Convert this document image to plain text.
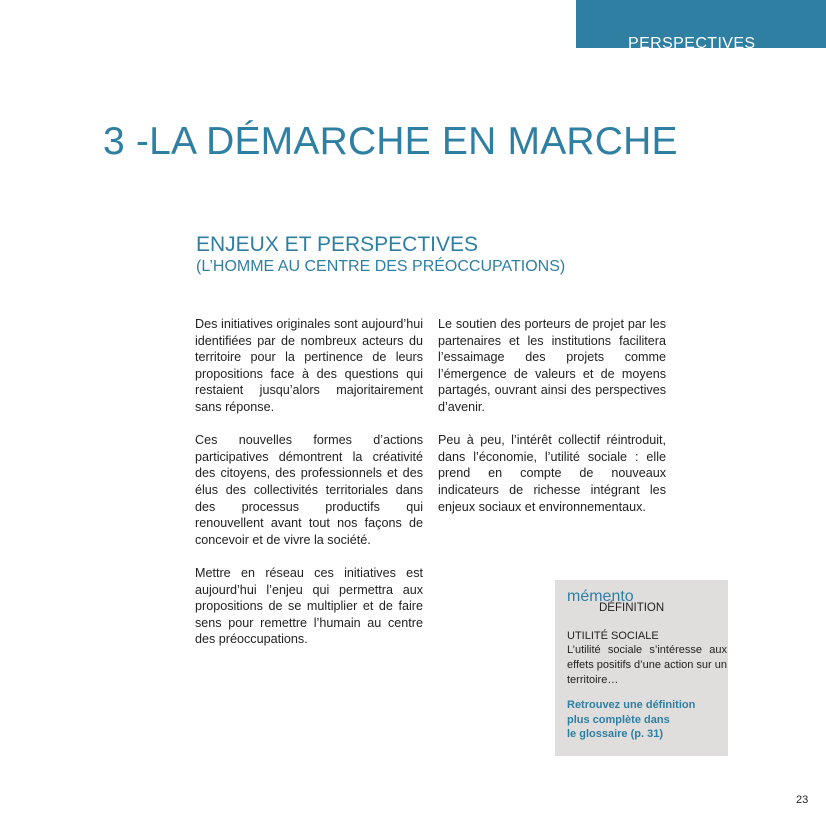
PERSPECTIVES
3 -LA DÉMARCHE EN MARCHE
ENJEUX ET PERSPECTIVES
(L’HOMME AU CENTRE DES PRÉOCCUPATIONS)

Des initiatives originales sont aujourd’hui identifiées par de nombreux acteurs du territoire pour la pertinence de leurs propositions face à des questions qui restaient jusqu’alors majoritairement sans réponse.

Ces nouvelles formes d’actions participatives démontrent la créativité des citoyens, des professionnels et des élus des collectivités territoriales dans des processus productifs qui renouvellent avant tout nos façons de concevoir et de vivre la société.

Mettre en réseau ces initiatives est aujourd’hui l’enjeu qui permettra aux propositions de se multiplier et de faire sens pour remettre l’humain au centre des préoccupations.

Le soutien des porteurs de projet par les partenaires et les institutions facilitera l’essaimage des projets comme l’émergence de valeurs et de moyens partagés, ouvrant ainsi des perspectives d’avenir.

Peu à peu, l’intérêt collectif réintroduit, dans l’économie, l’utilité sociale : elle prend en compte de nouveaux indicateurs de richesse intégrant les enjeux sociaux et environnementaux.

mémento
DÉFINITION
UTILITÉ SOCIALE
L’utilité sociale s’intéresse aux effets positifs d’une action sur un territoire…
Retrouvez une définition
plus complète dans
le glossaire (p. 31)
23
